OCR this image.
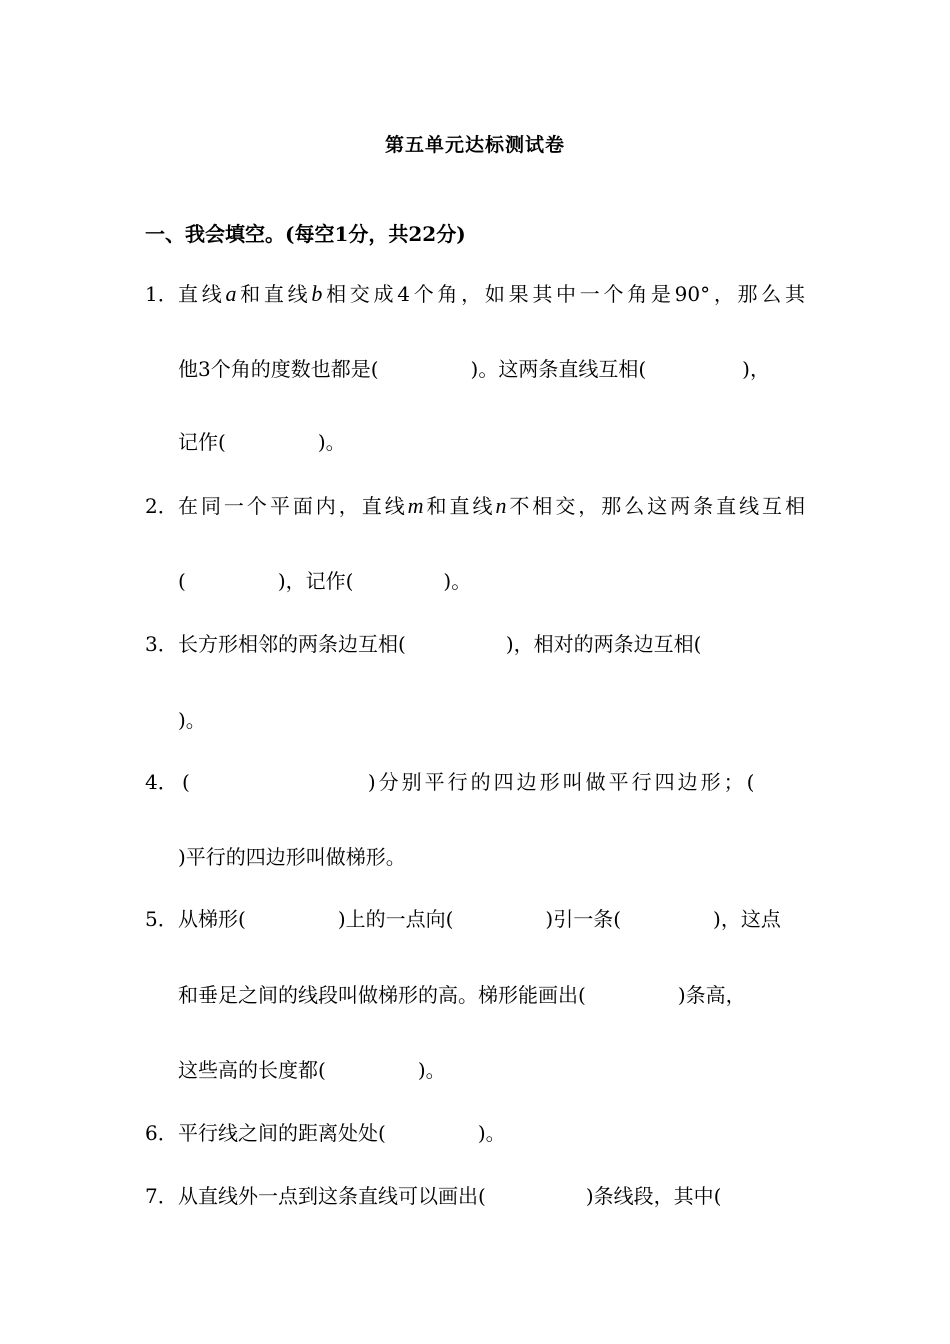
第五单元达标测试卷
一、我会填空。(每空1分，共22分)
1． 直线a和直线b相交成4个角，如果其中一个角是90°，那么其
他3个角的度数也都是(	)。这两条直线互相(	)，
记作(	)。
2． 在同一个平面内，直线m和直线n不相交，那么这两条直线互相
(	)，记作(	)。
3． 长方形相邻的两条边互相(	)，相对的两条边互相(
)。
4． (	)分别平行的四边形叫做平行四边形；(
)平行的四边形叫做梯形。
5． 从梯形(	)上的一点向(	)引一条(	)，这点
和垂足之间的线段叫做梯形的高。梯形能画出(	)条高，
这些高的长度都(	)。
6． 平行线之间的距离处处(	)。
7． 从直线外一点到这条直线可以画出(	)条线段，其中(
